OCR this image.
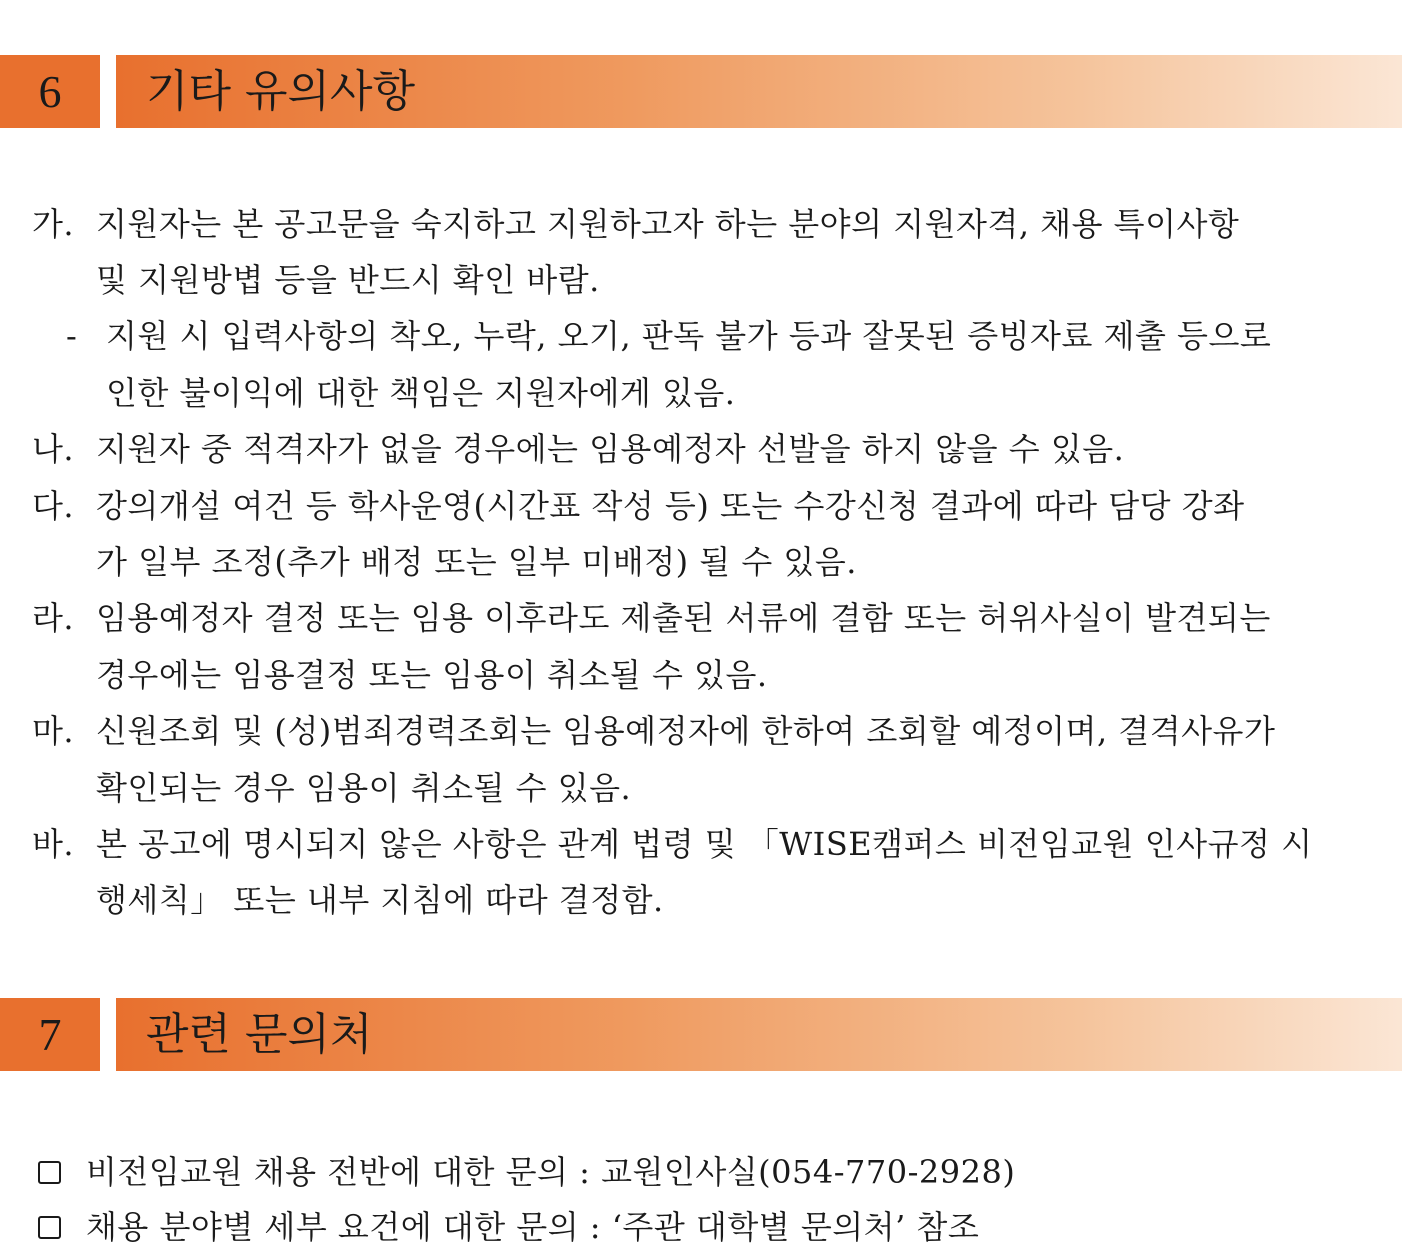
6	기타 유의사항
가. 지원자는 본 공고문을 숙지하고 지원하고자 하는 분야의 지원자격, 채용 특이사항
및 지원방볍 등을 반드시 확인 바람.
- 지원 시 입력사항의 착오, 누락, 오기, 판독 불가 등과 잘못된 증빙자료 제출 등으로
인한 불이익에 대한 책임은 지원자에게 있음.
나. 지원자 중 적격자가 없을 경우에는 임용예정자 선발을 하지 않을 수 있음.
다. 강의개설 여건 등 학사운영(시간표 작성 등) 또는 수강신청 결과에 따라 담당 강좌
가 일부 조정(추가 배정 또는 일부 미배정) 될 수 있음.
라. 임용예정자 결정 또는 임용 이후라도 제출된 서류에 결함 또는 허위사실이 발견되는
경우에는 임용결정 또는 임용이 취소될 수 있음.
마. 신원조회 및 (성)범죄경력조회는 임용예정자에 한하여 조회할 예정이며, 결격사유가
확인되는 경우 임용이 취소될 수 있음.
바. 본 공고에 명시되지 않은 사항은 관계 법령 및 「WISE캠퍼스 비전임교원 인사규정 시
행세칙」 또는 내부 지침에 따라 결정함.
7	관련 문의처
비전임교원 채용 전반에 대한 문의 : 교원인사실(054-770-2928)
채용 분야별 세부 요건에 대한 문의 : ‘주관 대학별 문의처’ 참조
